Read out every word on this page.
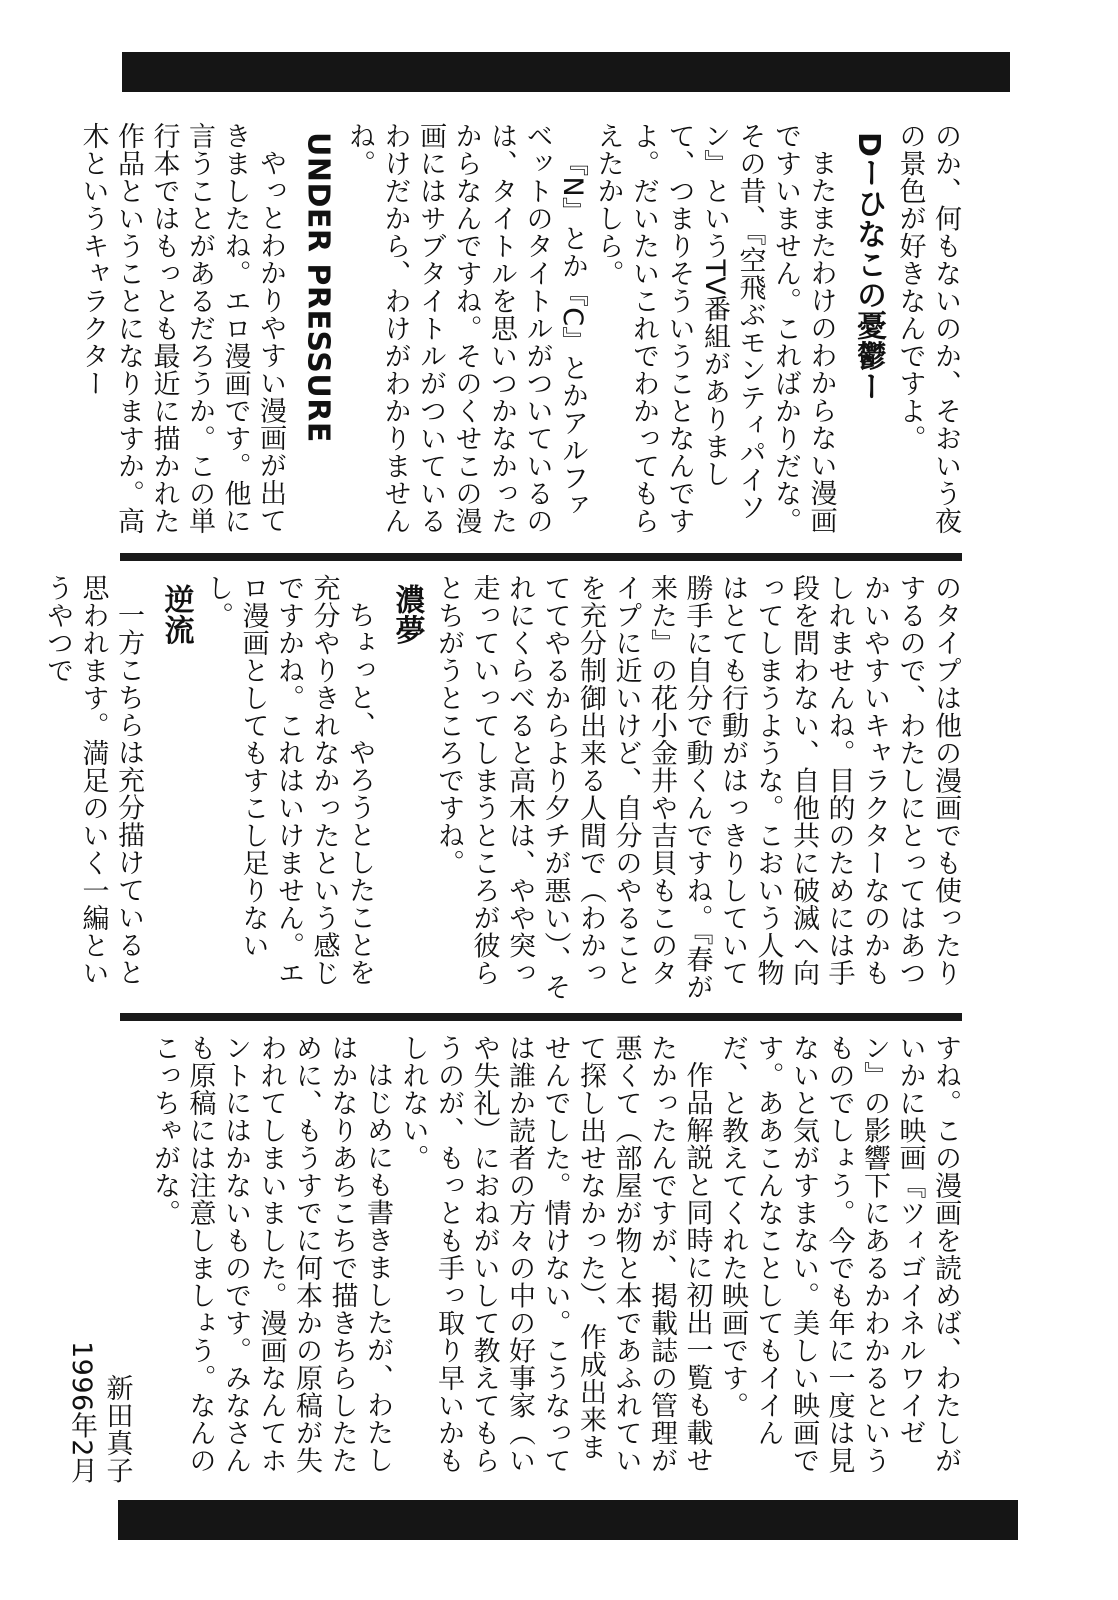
のか、何もないのか、そおいう夜の景色が好きなんですよ。

Dーひなこの憂鬱ー

またまたわけのわからない漫画ですいません。こればかりだな。その昔、『空飛ぶモンティパイソン』というTV番組がありまして、つまりそういうことなんですよ。だいたいこれでわかってもらえたかしら。

『N』とか『C』とかアルファベットのタイトルがついているのは、タイトルを思いつかなかったからなんですね。そのくせこの漫画にはサブタイトルがついているわけだから、わけがわかりませんね。

UNDER PRESSURE

やっとわかりやすい漫画が出てきましたね。エロ漫画です。他に言うことがあるだろうか。この単行本ではもっとも最近に描かれた作品ということになりますか。高木というキャラクター

のタイプは他の漫画でも使ったりするので、わたしにとってはあつかいやすいキャラクターなのかもしれませんね。目的のためには手段を問わない、自他共に破滅へ向ってしまうような。こおいう人物はとても行動がはっきりしていて勝手に自分で動くんですね。『春が来た』の花小金井や吉貝もこのタイプに近いけど、自分のやることを充分制御出来る人間で（わかっててやるからより夕チが悪い）、それにくらべると高木は、やや突っ走っていってしまうところが彼らとちがうところですね。

濃夢

ちょっと、やろうとしたことを充分やりきれなかったという感じですかね。これはいけません。エロ漫画としてもすこし足りないし。

逆流

一方こちらは充分描けていると思われます。満足のいく一編というやつで

すね。この漫画を読めば、わたしがいかに映画『ツィゴイネルワイゼン』の影響下にあるかわかるというものでしょう。今でも年に一度は見ないと気がすまない。美しい映画です。ああこんなことしてもイイんだ、と教えてくれた映画です。

作品解説と同時に初出一覧も載せたかったんですが、掲載誌の管理が悪くて（部屋が物と本であふれていて探し出せなかった）、作成出来ませんでした。情けない。こうなっては誰か読者の方々の中の好事家（いや失礼）におねがいして教えてもらうのが、もっとも手っ取り早いかもしれない。

はじめにも書きましたが、わたしはかなりあちこちで描きちらしたために、もうすでに何本かの原稿が失われてしまいました。漫画なんてホントにはかないものです。みなさんも原稿には注意しましょう。なんのこっちゃがな。

新田真子
1996年2月
